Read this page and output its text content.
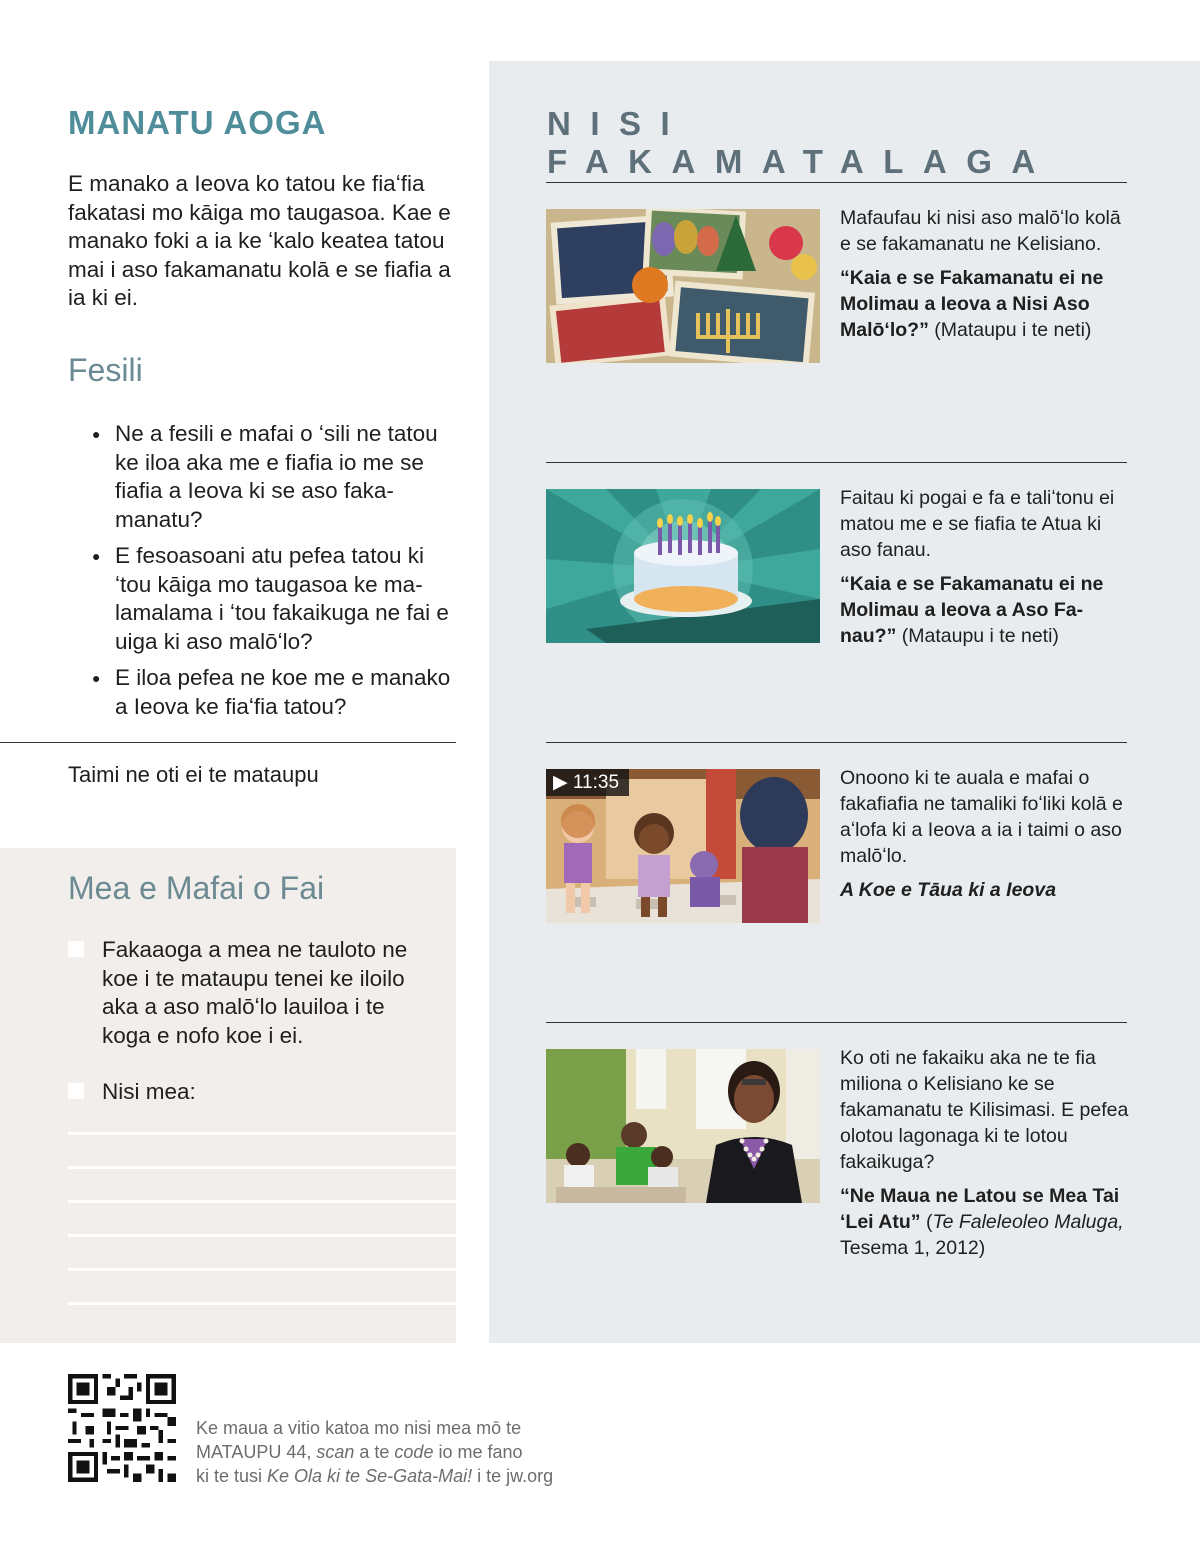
MANATU AOGA

E manako a Ieova ko tatou ke fiaʻfia fakatasi mo kāiga mo taugasoa. Kae e manako foki a ia ke ʻkalo keatea tatou mai i aso fakamanatu kolā e se fiafia a ia ki ei.

Fesili
● Ne a fesili e mafai o ʻsili ne tatou ke iloa aka me e fiafia io me se fiafia a Ieova ki se aso fakamanatu?
● E fesoasoani atu pefea tatou ki ʻtou kāiga mo taugasoa ke malamalama i ʻtou fakaikuga ne fai e uiga ki aso malōʻlo?
● E iloa pefea ne koe me e manako a Ieova ke fiaʻfia tatou?
Taimi ne oti ei te mataupu
Mea e Mafai o Fai
Fakaaoga a mea ne tauloto ne koe i te mataupu tenei ke iloilo aka a aso malōʻlo lauiloa i te koga e nofo koe i ei.
Nisi mea:
NISI FAKAMATALAGA
Mafaufau ki nisi aso malōʻlo kolā e se fakamanatu ne Kelisiano.
“Kaia e se Fakamanatu ei ne Molimau a Ieova a Nisi Aso Malōʻlo?” (Mataupu i te neti)
Faitau ki pogai e fa e taliʻtonu ei matou me e se fiafia te Atua ki aso fanau.
“Kaia e se Fakamanatu ei ne Molimau a Ieova a Aso Fanau?” (Mataupu i te neti)
▶ 11:35	Onoono ki te auala e mafai o fakafiafia ne tamaliki foʻliki kolā e aʻlofa ki a Ieova a ia i taimi o aso malōʻlo.
A Koe e Tāua ki a Ieova
Ko oti ne fakaiku aka ne te fia miliona o Kelisiano ke se fakamanatu te Kilisimasi. E pefea olotou lagonaga ki te lotou fakaikuga?
“Ne Maua ne Latou se Mea Tai ʻLei Atu” (Te Faleleoleo Maluga, Tesema 1, 2012)
Ke maua a vitio katoa mo nisi mea mō te
MATAUPU 44, scan a te code io me fano
ki te tusi Ke Ola ki te Se-Gata-Mai! i te jw.org
